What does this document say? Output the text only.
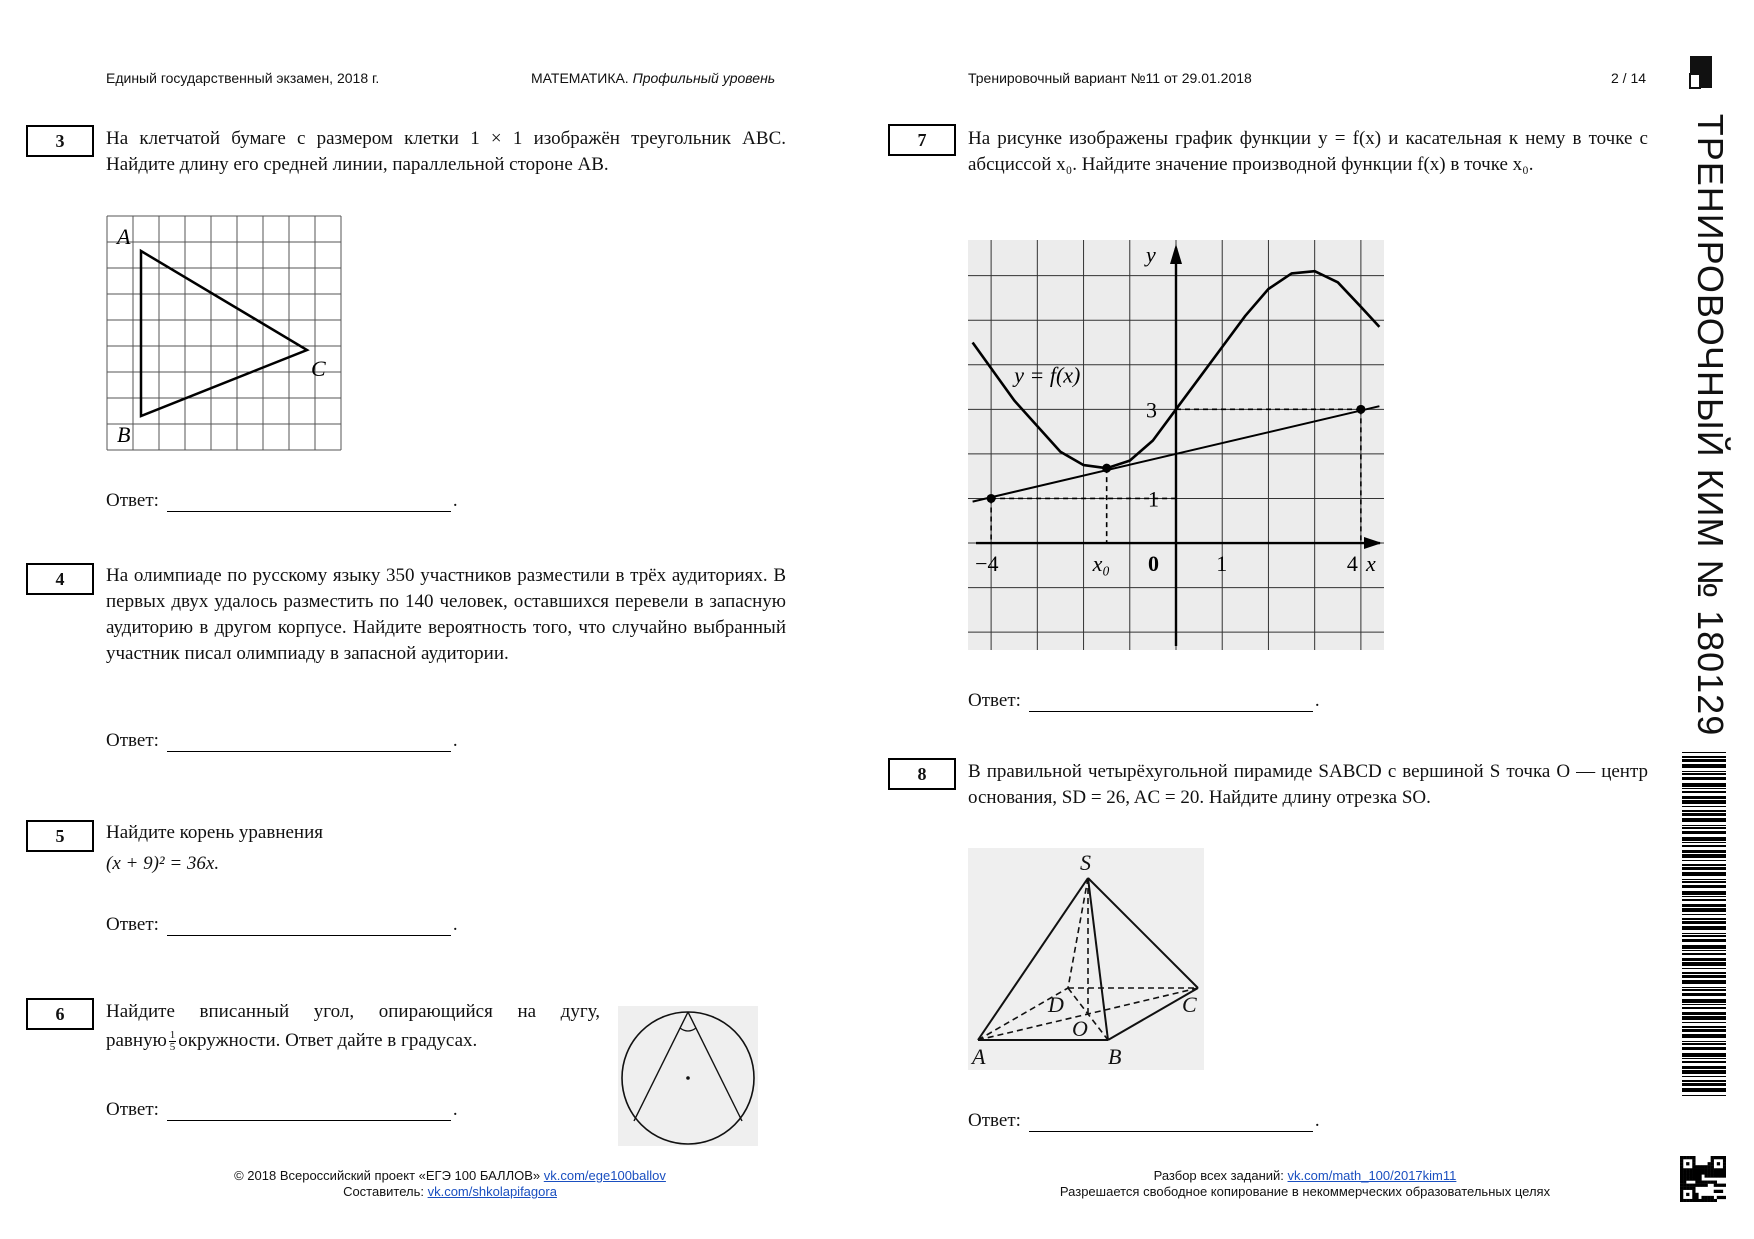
Единый государственный экзамен, 2018 г.	МАТЕМАТИКА. Профильный уровень	Тренировочный вариант №11 от 29.01.2018	2 / 14
ТРЕНИРОВОЧНЫЙ КИМ № 180129
3	На клетчатой бумаге с размером клетки 1 × 1 изображён треугольник ABC. Найдите длину его средней линии, параллельной стороне AB.
A
B
C
Ответ:	.
4	На олимпиаде по русскому языку 350 участников разместили в трёх аудиториях. В первых двух удалось разместить по 140 человек, оставшихся перевели в запасную аудиторию в другом корпусе. Найдите вероятность того, что случайно выбранный участник писал олимпиаду в запасной аудитории.
Ответ:	.
5	Найдите корень уравнения
(x + 9)² = 36x.
Ответ:	.
6	Найдите вписанный угол, опирающийся на дугу,
равную $\frac{1}{5}$ окружности. Ответ дайте в градусах.
Ответ:	.
7	На рисунке изображены график функции y = f(x) и касательная к нему в точке с абсциссой x₀. Найдите значение производной функции f(x) в точке x₀.
y
x
y = f(x)
3
1
−4	x₀ 0	1	4
Ответ:	.
8	В правильной четырёхугольной пирамиде SABCD с вершиной S точка O — центр основания, SD = 26, AC = 20. Найдите длину отрезка SO.
S
A	B
C
D
O
Ответ:	.
© 2018 Всероссийский проект «ЕГЭ 100 БАЛЛОВ» vk.com/ege100ballov
Составитель: vk.com/shkolapifagora
Разбор всех заданий: vk.com/math_100/2017kim11
Разрешается свободное копирование в некоммерческих образовательных целях
